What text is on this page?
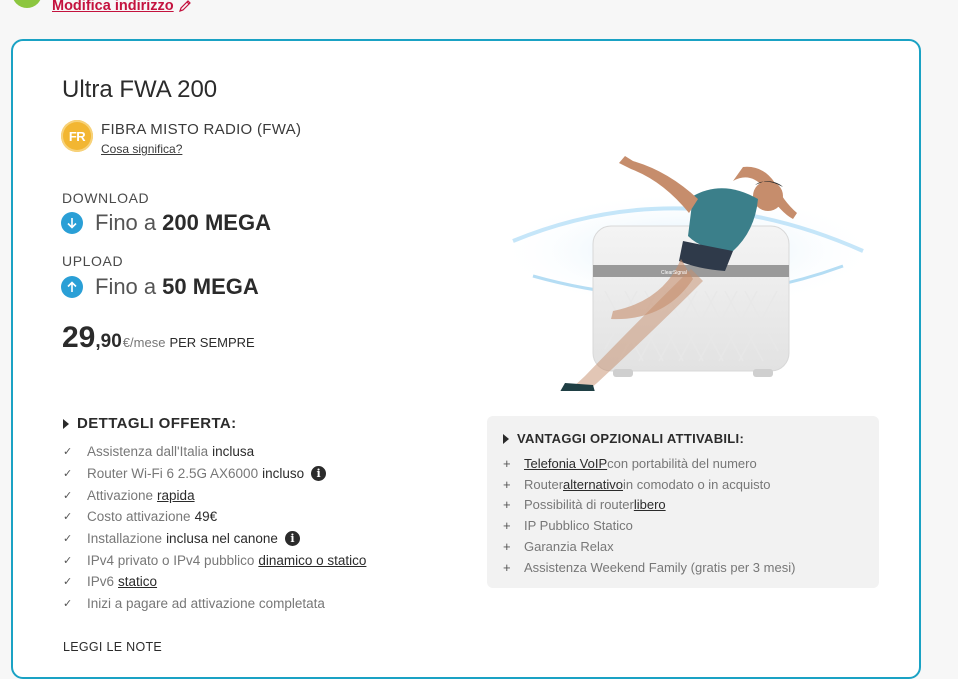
Modifica indirizzo
Ultra FWA 200
FR FIBRA MISTO RADIO (FWA)
Cosa significa?
DOWNLOAD
Fino a 200 MEGA
UPLOAD
Fino a 50 MEGA
29 ,90 €/mese PER SEMPRE
ClearSignal
DETTAGLI OFFERTA:
✓	Assistenza dall'Italia inclusa
✓	Router Wi-Fi 6 2.5G AX6000 incluso	i
✓	Attivazione rapida
✓	Costo attivazione 49€
✓	Installazione inclusa nel canone	i
✓	IPv4 privato o IPv4 pubblico dinamico o statico
✓	IPv6 statico
✓	Inizi a pagare ad attivazione completata
LEGGI LE NOTE
VANTAGGI OPZIONALI ATTIVABILI:
+	Telefonia VoIP con portabilità del numero
+	Router alternativo in comodato o in acquisto
+	Possibilità di router libero
+	IP Pubblico Statico
+	Garanzia Relax
+	Assistenza Weekend Family (gratis per 3 mesi)
